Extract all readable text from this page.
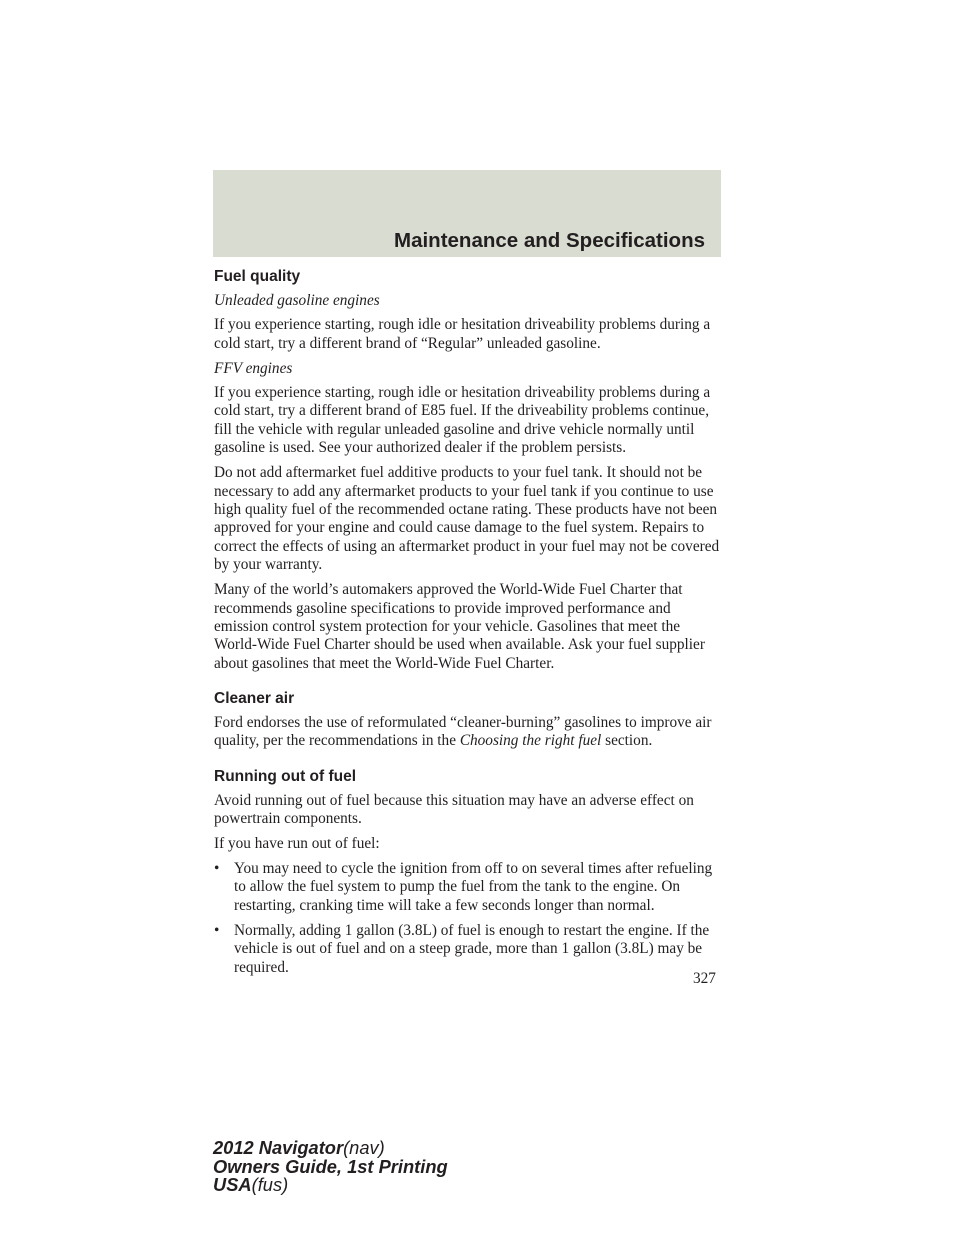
Maintenance and Specifications
Fuel quality
Unleaded gasoline engines

If you experience starting, rough idle or hesitation driveability problems during a cold start, try a different brand of “Regular” unleaded gasoline.

FFV engines

If you experience starting, rough idle or hesitation driveability problems during a cold start, try a different brand of E85 fuel. If the driveability problems continue, fill the vehicle with regular unleaded gasoline and drive vehicle normally until gasoline is used. See your authorized dealer if the problem persists.

Do not add aftermarket fuel additive products to your fuel tank. It should not be necessary to add any aftermarket products to your fuel tank if you continue to use high quality fuel of the recommended octane rating. These products have not been approved for your engine and could cause damage to the fuel system. Repairs to correct the effects of using an aftermarket product in your fuel may not be covered by your warranty.

Many of the world’s automakers approved the World-Wide Fuel Charter that recommends gasoline specifications to provide improved performance and emission control system protection for your vehicle. Gasolines that meet the World-Wide Fuel Charter should be used when available. Ask your fuel supplier about gasolines that meet the World-Wide Fuel Charter.

Cleaner air

Ford endorses the use of reformulated “cleaner-burning” gasolines to improve air quality, per the recommendations in the Choosing the right fuel section.

Running out of fuel

Avoid running out of fuel because this situation may have an adverse effect on powertrain components.

If you have run out of fuel:

• You may need to cycle the ignition from off to on several times after refueling to allow the fuel system to pump the fuel from the tank to the engine. On restarting, cranking time will take a few seconds longer than normal.
• Normally, adding 1 gallon (3.8L) of fuel is enough to restart the engine. If the vehicle is out of fuel and on a steep grade, more than 1 gallon (3.8L) may be required.
327
2012 Navigator(nav)
Owners Guide, 1st Printing
USA(fus)
